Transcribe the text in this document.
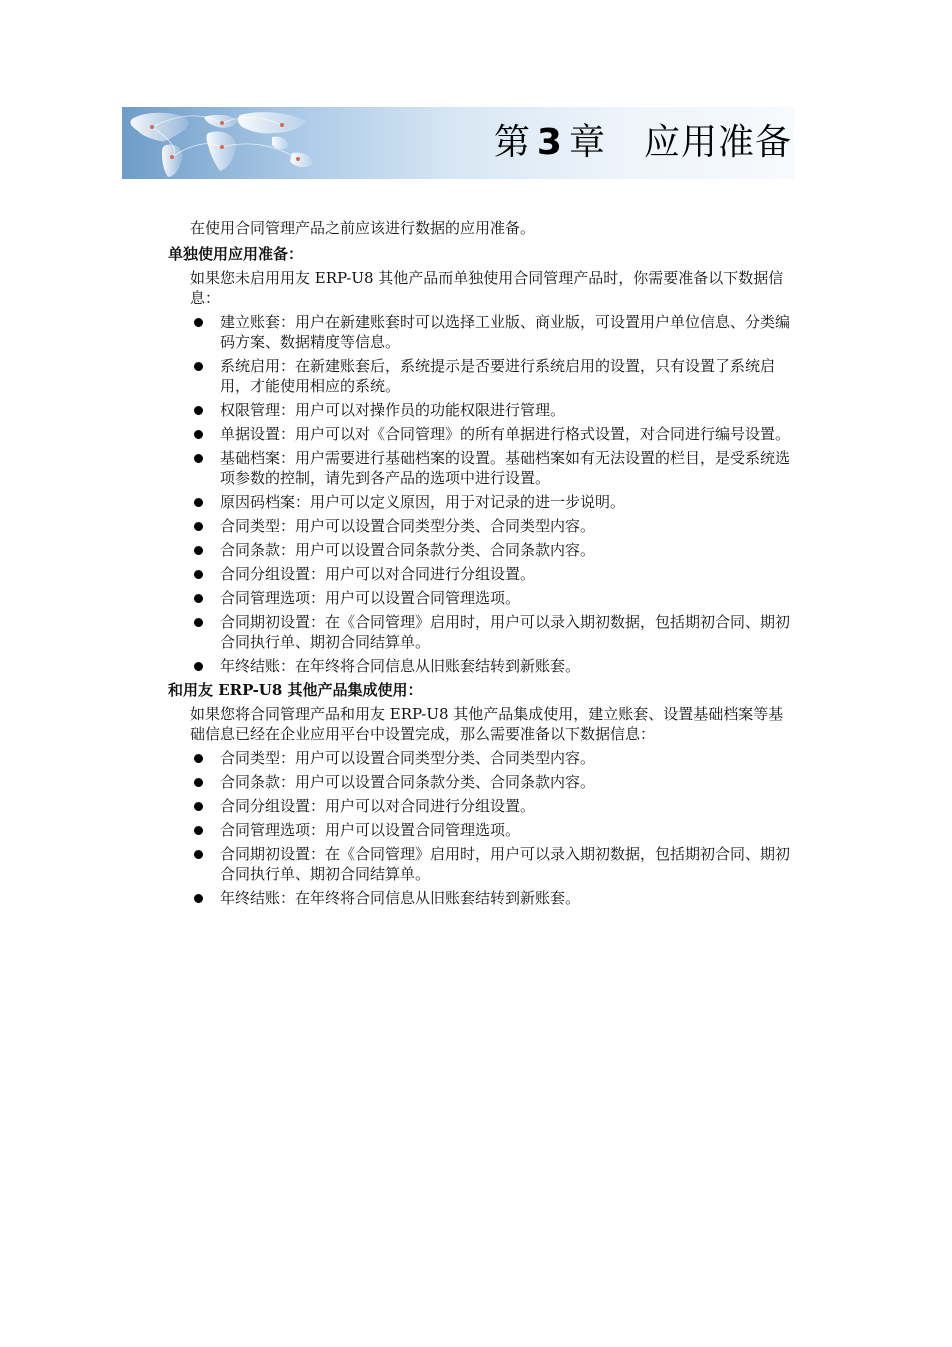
第 3 章 应用准备

在使用合同管理产品之前应该进行数据的应用准备。

单独使用应用准备：

如果您未启用用友 ERP-U8 其他产品而单独使用合同管理产品时，你需要准备以下数据信息：

建立账套：用户在新建账套时可以选择工业版、商业版，可设置用户单位信息、分类编码方案、数据精度等信息。
系统启用：在新建账套后，系统提示是否要进行系统启用的设置，只有设置了系统启用，才能使用相应的系统。
权限管理：用户可以对操作员的功能权限进行管理。
单据设置：用户可以对《合同管理》的所有单据进行格式设置，对合同进行编号设置。
基础档案：用户需要进行基础档案的设置。基础档案如有无法设置的栏目，是受系统选项参数的控制，请先到各产品的选项中进行设置。
原因码档案：用户可以定义原因，用于对记录的进一步说明。
合同类型：用户可以设置合同类型分类、合同类型内容。
合同条款：用户可以设置合同条款分类、合同条款内容。
合同分组设置：用户可以对合同进行分组设置。
合同管理选项：用户可以设置合同管理选项。
合同期初设置：在《合同管理》启用时，用户可以录入期初数据，包括期初合同、期初合同执行单、期初合同结算单。
年终结账：在年终将合同信息从旧账套结转到新账套。
和用友 ERP-U8 其他产品集成使用：

如果您将合同管理产品和用友 ERP-U8 其他产品集成使用，建立账套、设置基础档案等基础信息已经在企业应用平台中设置完成，那么需要准备以下数据信息：

合同类型：用户可以设置合同类型分类、合同类型内容。
合同条款：用户可以设置合同条款分类、合同条款内容。
合同分组设置：用户可以对合同进行分组设置。
合同管理选项：用户可以设置合同管理选项。
合同期初设置：在《合同管理》启用时，用户可以录入期初数据，包括期初合同、期初合同执行单、期初合同结算单。
年终结账：在年终将合同信息从旧账套结转到新账套。
